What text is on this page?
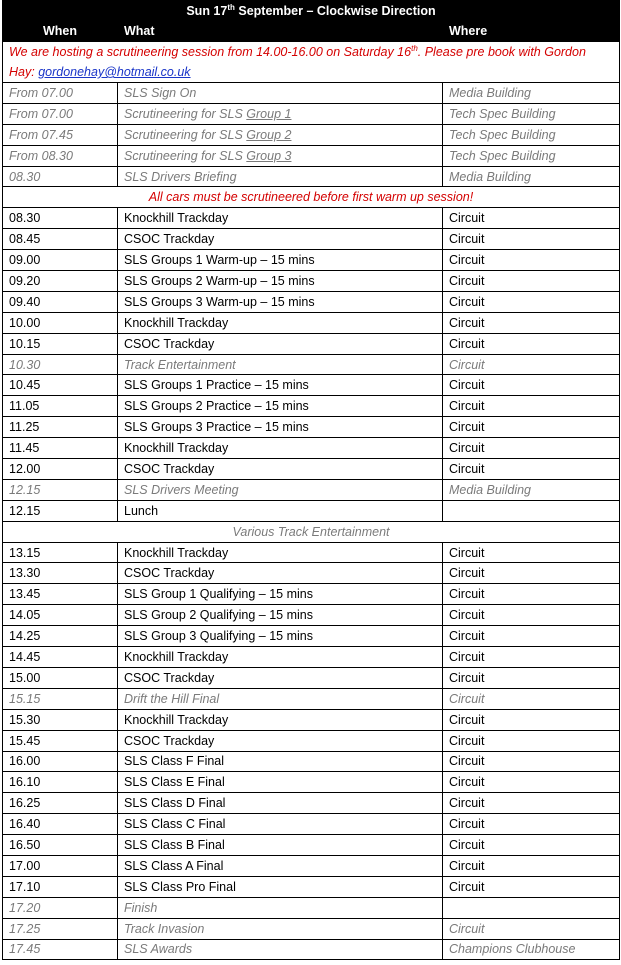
Sun 17th September – Clockwise Direction		
When	What	Where
We are hosting a scrutineering session from 14.00-16.00 on Saturday 16th. Please pre book with Gordon Hay: gordonehay@hotmail.co.uk		
From 07.00	SLS Sign On	Media Building
From 07.00	Scrutineering for SLS Group 1	Tech Spec Building
From 07.45	Scrutineering for SLS Group 2	Tech Spec Building
From 08.30	Scrutineering for SLS Group 3	Tech Spec Building
08.30	SLS Drivers Briefing	Media Building
All cars must be scrutineered before first warm up session!		
08.30	Knockhill Trackday	Circuit
08.45	CSOC Trackday	Circuit
09.00	SLS Groups 1 Warm-up – 15 mins	Circuit
09.20	SLS Groups 2 Warm-up – 15 mins	Circuit
09.40	SLS Groups 3 Warm-up – 15 mins	Circuit
10.00	Knockhill Trackday	Circuit
10.15	CSOC Trackday	Circuit
10.30	Track Entertainment	Circuit
10.45	SLS Groups 1 Practice – 15 mins	Circuit
11.05	SLS Groups 2 Practice – 15 mins	Circuit
11.25	SLS Groups 3 Practice – 15 mins	Circuit
11.45	Knockhill Trackday	Circuit
12.00	CSOC Trackday	Circuit
12.15	SLS Drivers Meeting	Media Building
12.15	Lunch	
Various Track Entertainment		
13.15	Knockhill Trackday	Circuit
13.30	CSOC Trackday	Circuit
13.45	SLS Group 1 Qualifying – 15 mins	Circuit
14.05	SLS Group 2 Qualifying – 15 mins	Circuit
14.25	SLS Group 3 Qualifying – 15 mins	Circuit
14.45	Knockhill Trackday	Circuit
15.00	CSOC Trackday	Circuit
15.15	Drift the Hill Final	Circuit
15.30	Knockhill Trackday	Circuit
15.45	CSOC Trackday	Circuit
16.00	SLS Class F Final	Circuit
16.10	SLS Class E Final	Circuit
16.25	SLS Class D Final	Circuit
16.40	SLS Class C Final	Circuit
16.50	SLS Class B Final	Circuit
17.00	SLS Class A Final	Circuit
17.10	SLS Class Pro Final	Circuit
17.20	Finish	
17.25	Track Invasion	Circuit
17.45	SLS Awards	Champions Clubhouse
